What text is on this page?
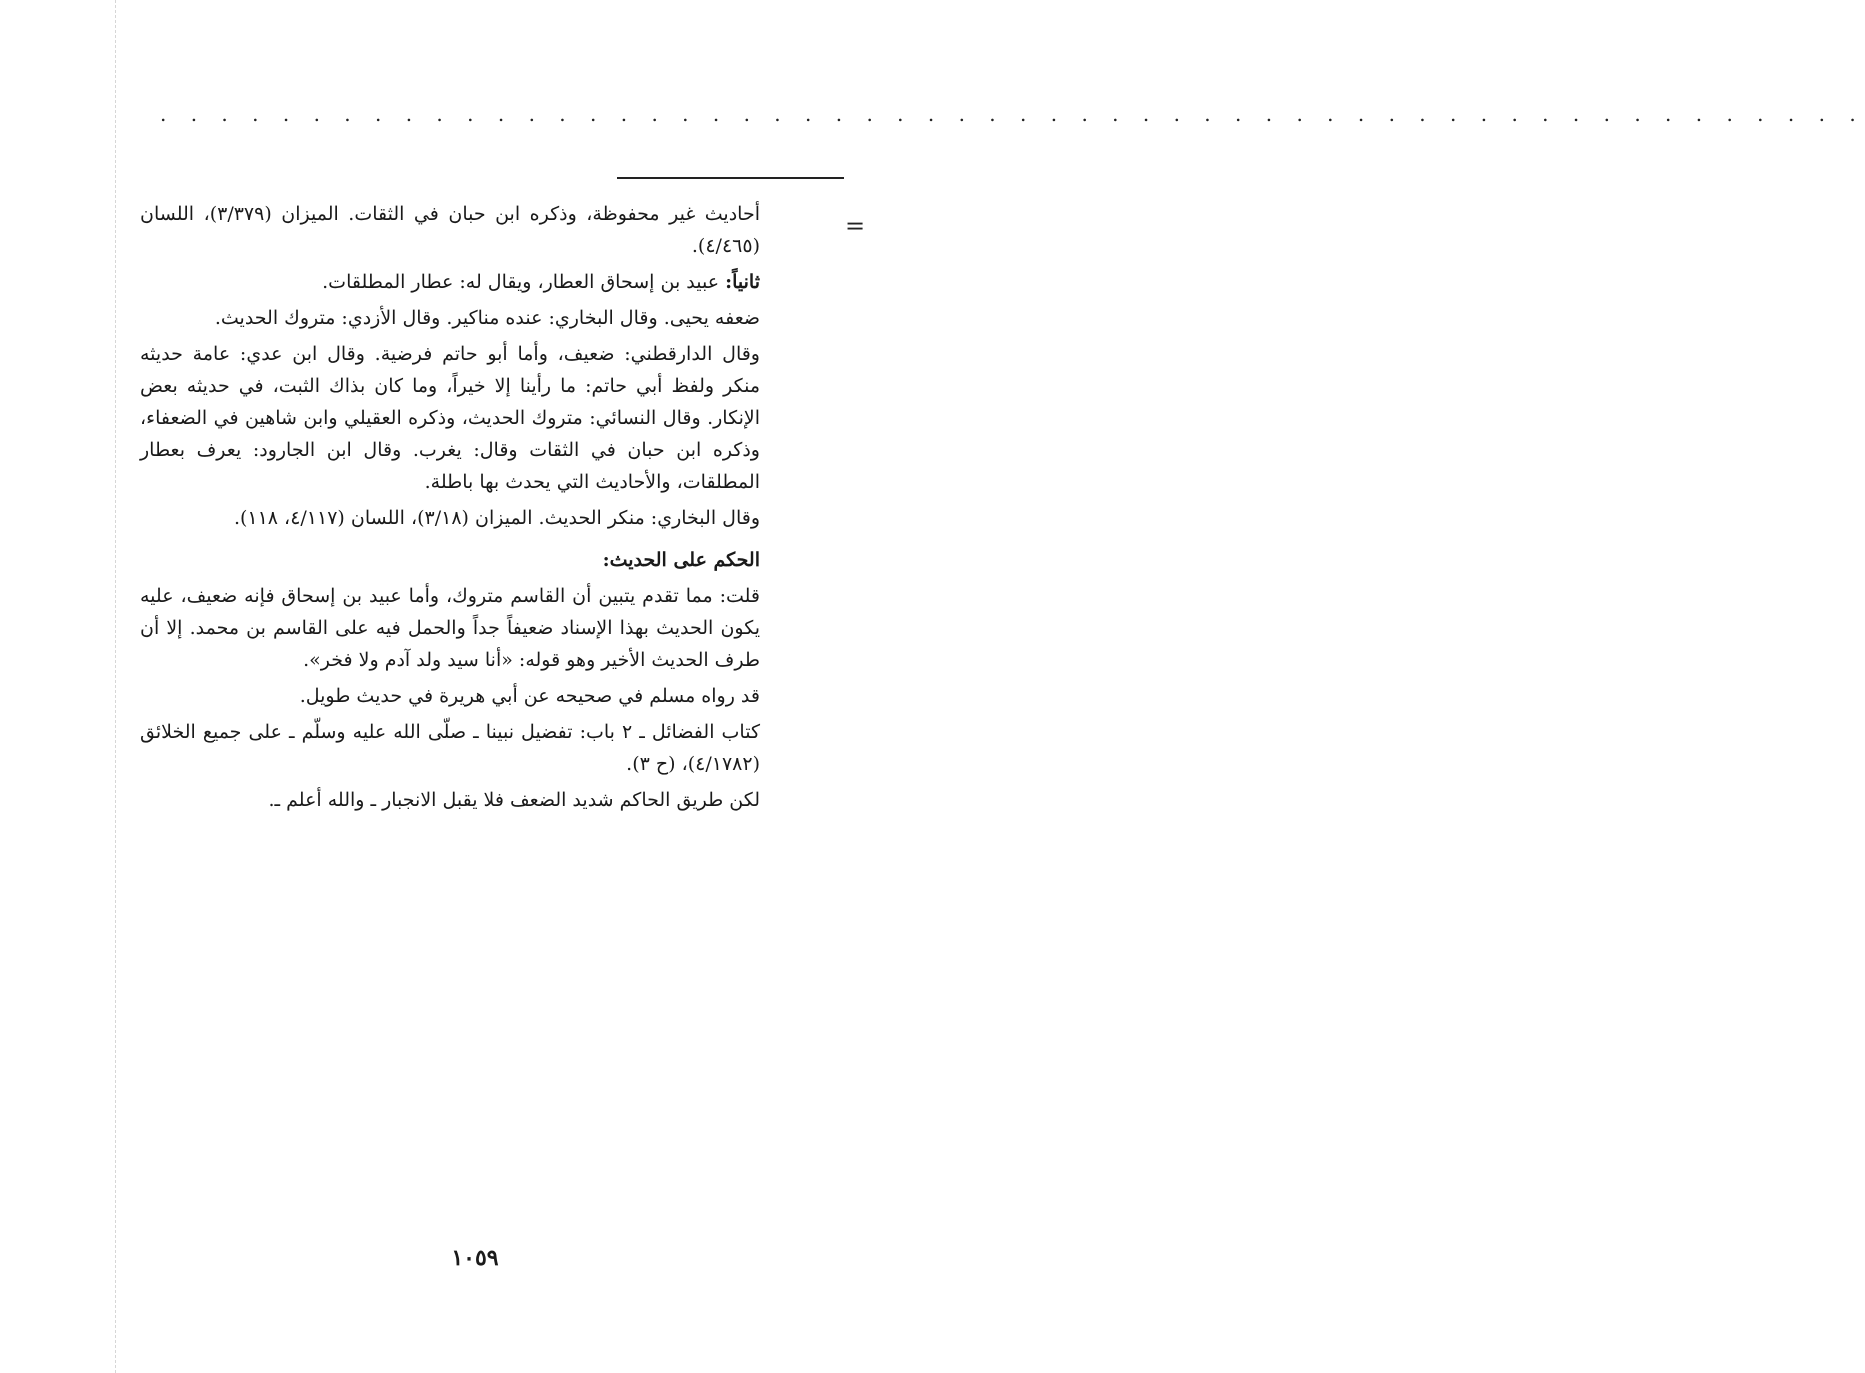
. . . . . . . . . . . . . . . . . . . . . . . . . . . . . . . . . . . . . . . . . . . . . . . . . . . . . . . .
=

أحاديث غير محفوظة، وذكره ابن حبان في الثقات. الميزان (٣/٣٧٩)، اللسان (٤/٤٦٥).

ثانياً: عبيد بن إسحاق العطار، ويقال له: عطار المطلقات.

ضعفه يحيى. وقال البخاري: عنده مناكير. وقال الأزدي: متروك الحديث.

وقال الدارقطني: ضعيف، وأما أبو حاتم فرضية. وقال ابن عدي: عامة حديثه منكر ولفظ أبي حاتم: ما رأينا إلا خيراً، وما كان بذاك الثبت، في حديثه بعض الإنكار. وقال النسائي: متروك الحديث، وذكره العقيلي وابن شاهين في الضعفاء، وذكره ابن حبان في الثقات وقال: يغرب. وقال ابن الجارود: يعرف بعطار المطلقات، والأحاديث التي يحدث بها باطلة.

وقال البخاري: منكر الحديث. الميزان (٣/١٨)، اللسان (٤/١١٧، ١١٨).

الحكم على الحديث:

قلت: مما تقدم يتبين أن القاسم متروك، وأما عبيد بن إسحاق فإنه ضعيف، عليه يكون الحديث بهذا الإسناد ضعيفاً جداً والحمل فيه على القاسم بن محمد. إلا أن طرف الحديث الأخير وهو قوله: «أنا سيد ولد آدم ولا فخر».

قد رواه مسلم في صحيحه عن أبي هريرة في حديث طويل.

كتاب الفضائل ـ ٢ باب: تفضيل نبينا ـ صلّى الله عليه وسلّم ـ على جميع الخلائق (٤/١٧٨٢)، (ح ٣).

لكن طريق الحاكم شديد الضعف فلا يقبل الانجبار ـ والله أعلم ـ.

١٠٥٩
